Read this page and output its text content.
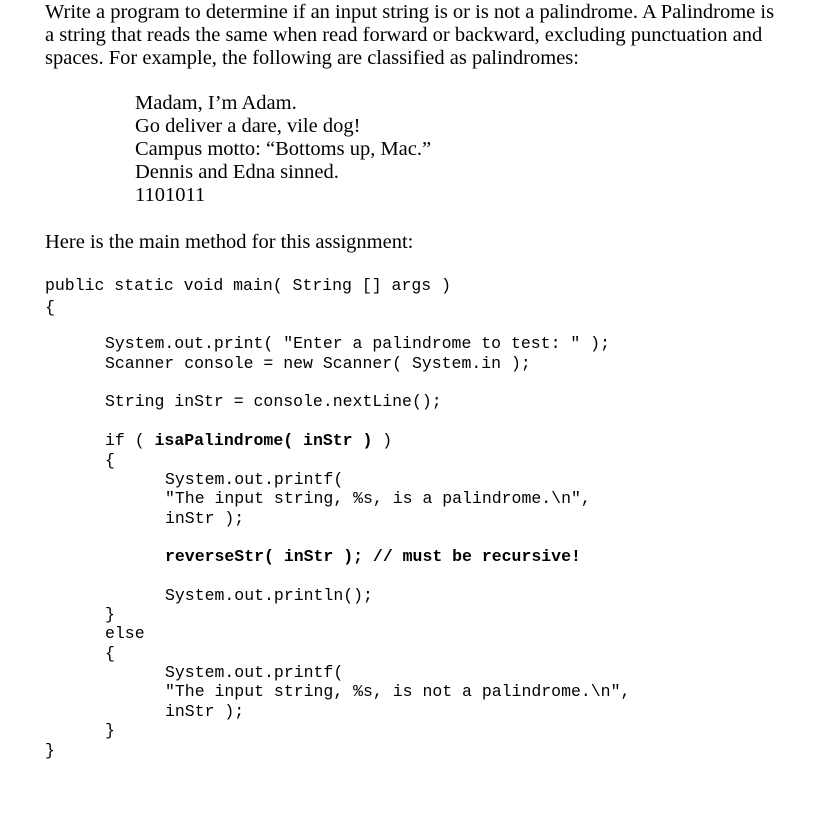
Write a program to determine if an input string is or is not a palindrome. A Palindrome is
a string that reads the same when read forward or backward, excluding punctuation and
spaces. For example, the following are classified as palindromes:
Madam, I’m Adam.
Go deliver a dare, vile dog!
Campus motto: “Bottoms up, Mac.”
Dennis and Edna sinned.
1101011
Here is the main method for this assignment:
public static void main( String [] args )
{
System.out.print( "Enter a palindrome to test: " );
Scanner console = new Scanner( System.in );
String inStr = console.nextLine();
if ( isaPalindrome( inStr ) )
{
System.out.printf(
"The input string, %s, is a palindrome.\n",
inStr );
reverseStr( inStr ); // must be recursive!
System.out.println();
}
else
{
System.out.printf(
"The input string, %s, is not a palindrome.\n",
inStr );
}
}
